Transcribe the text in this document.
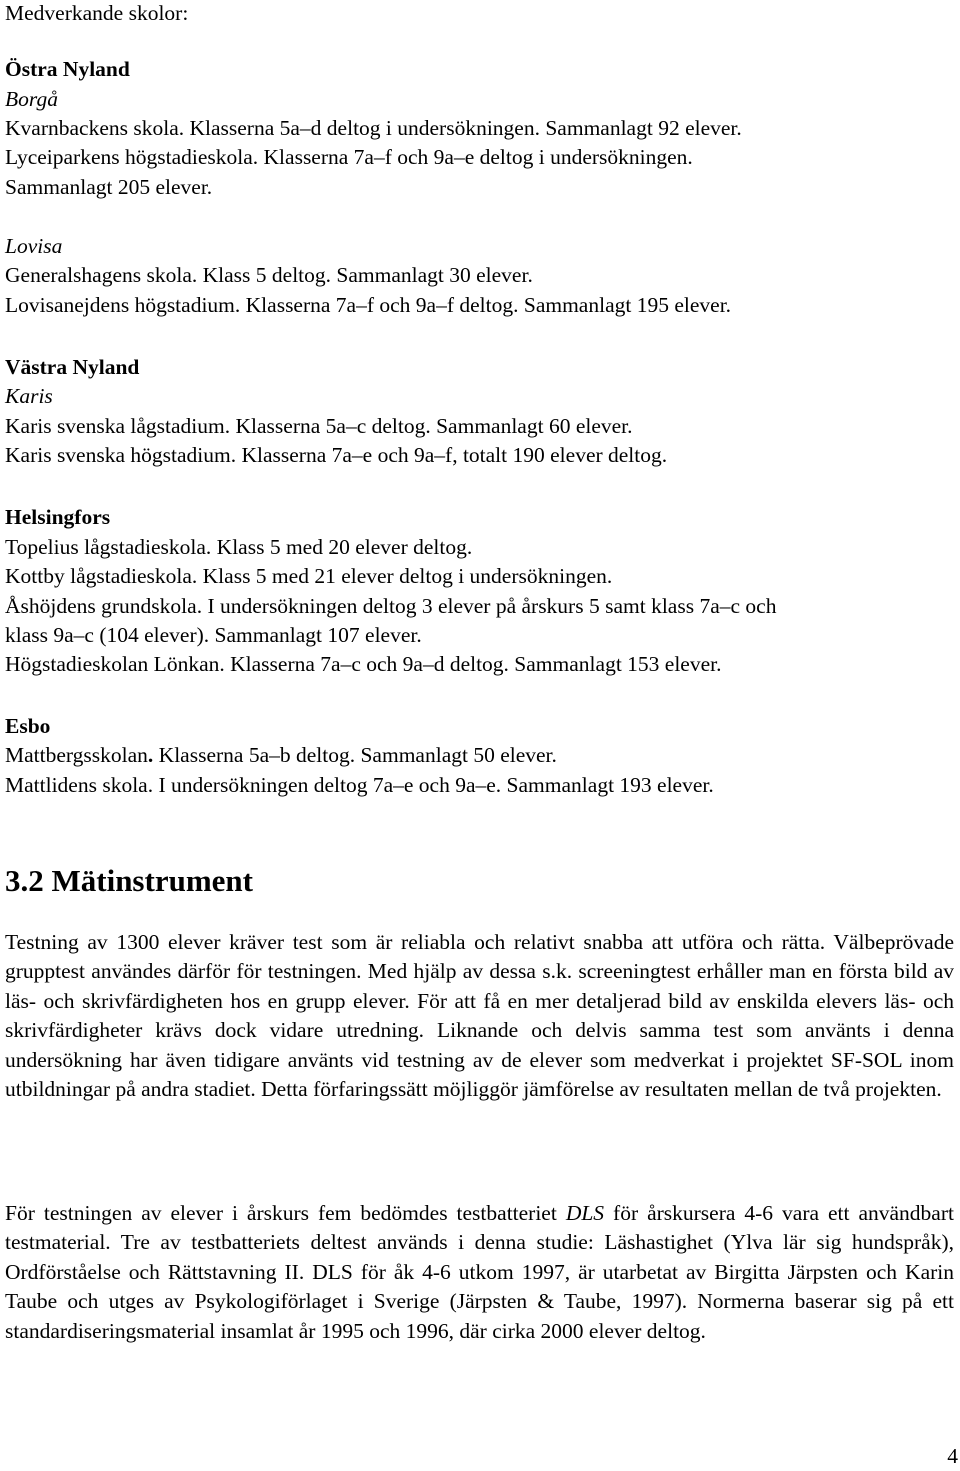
Medverkande skolor:
Östra Nyland
Borgå
Kvarnbackens skola. Klasserna 5a–d deltog i undersökningen. Sammanlagt 92 elever.
Lyceiparkens högstadieskola. Klasserna 7a–f och 9a–e deltog i undersökningen.
Sammanlagt 205 elever.
Lovisa
Generalshagens skola. Klass 5 deltog. Sammanlagt 30 elever.
Lovisanejdens högstadium. Klasserna 7a–f och 9a–f deltog. Sammanlagt 195 elever.
Västra Nyland
Karis
Karis svenska lågstadium. Klasserna 5a–c deltog. Sammanlagt 60 elever.
Karis svenska högstadium. Klasserna 7a–e och 9a–f, totalt 190 elever deltog.
Helsingfors
Topelius lågstadieskola. Klass 5 med 20 elever deltog.
Kottby lågstadieskola. Klass 5 med 21 elever deltog i undersökningen.
Åshöjdens grundskola. I undersökningen deltog 3 elever på årskurs 5 samt klass 7a–c och
klass 9a–c (104 elever). Sammanlagt 107 elever.
Högstadieskolan Lönkan. Klasserna 7a–c och 9a–d deltog. Sammanlagt 153 elever.
Esbo
Mattbergsskolan. Klasserna 5a–b deltog. Sammanlagt 50 elever.
Mattlidens skola. I undersökningen deltog 7a–e och 9a–e. Sammanlagt 193 elever.
3.2 Mätinstrument

Testning av 1300 elever kräver test som är reliabla och relativt snabba att utföra och rätta. Välbeprövade grupptest användes därför för testningen. Med hjälp av dessa s.k. screeningtest erhåller man en första bild av läs- och skrivfärdigheten hos en grupp elever. För att få en mer detaljerad bild av enskilda elevers läs- och skrivfärdigheter krävs dock vidare utredning. Liknande och delvis samma test som använts i denna undersökning har även tidigare använts vid testning av de elever som medverkat i projektet SF-SOL inom utbildningar på andra stadiet. Detta förfaringssätt möjliggör jämförelse av resultaten mellan de två projekten.

För testningen av elever i årskurs fem bedömdes testbatteriet DLS för årskursera 4-6 vara ett användbart testmaterial. Tre av testbatteriets deltest används i denna studie: Läshastighet (Ylva lär sig hundspråk), Ordförståelse och Rättstavning II. DLS för åk 4-6 utkom 1997, är utarbetat av Birgitta Järpsten och Karin Taube och utges av Psykologiförlaget i Sverige (Järpsten & Taube, 1997). Normerna baserar sig på ett standardiseringsmaterial insamlat år 1995 och 1996, där cirka 2000 elever deltog.

4
